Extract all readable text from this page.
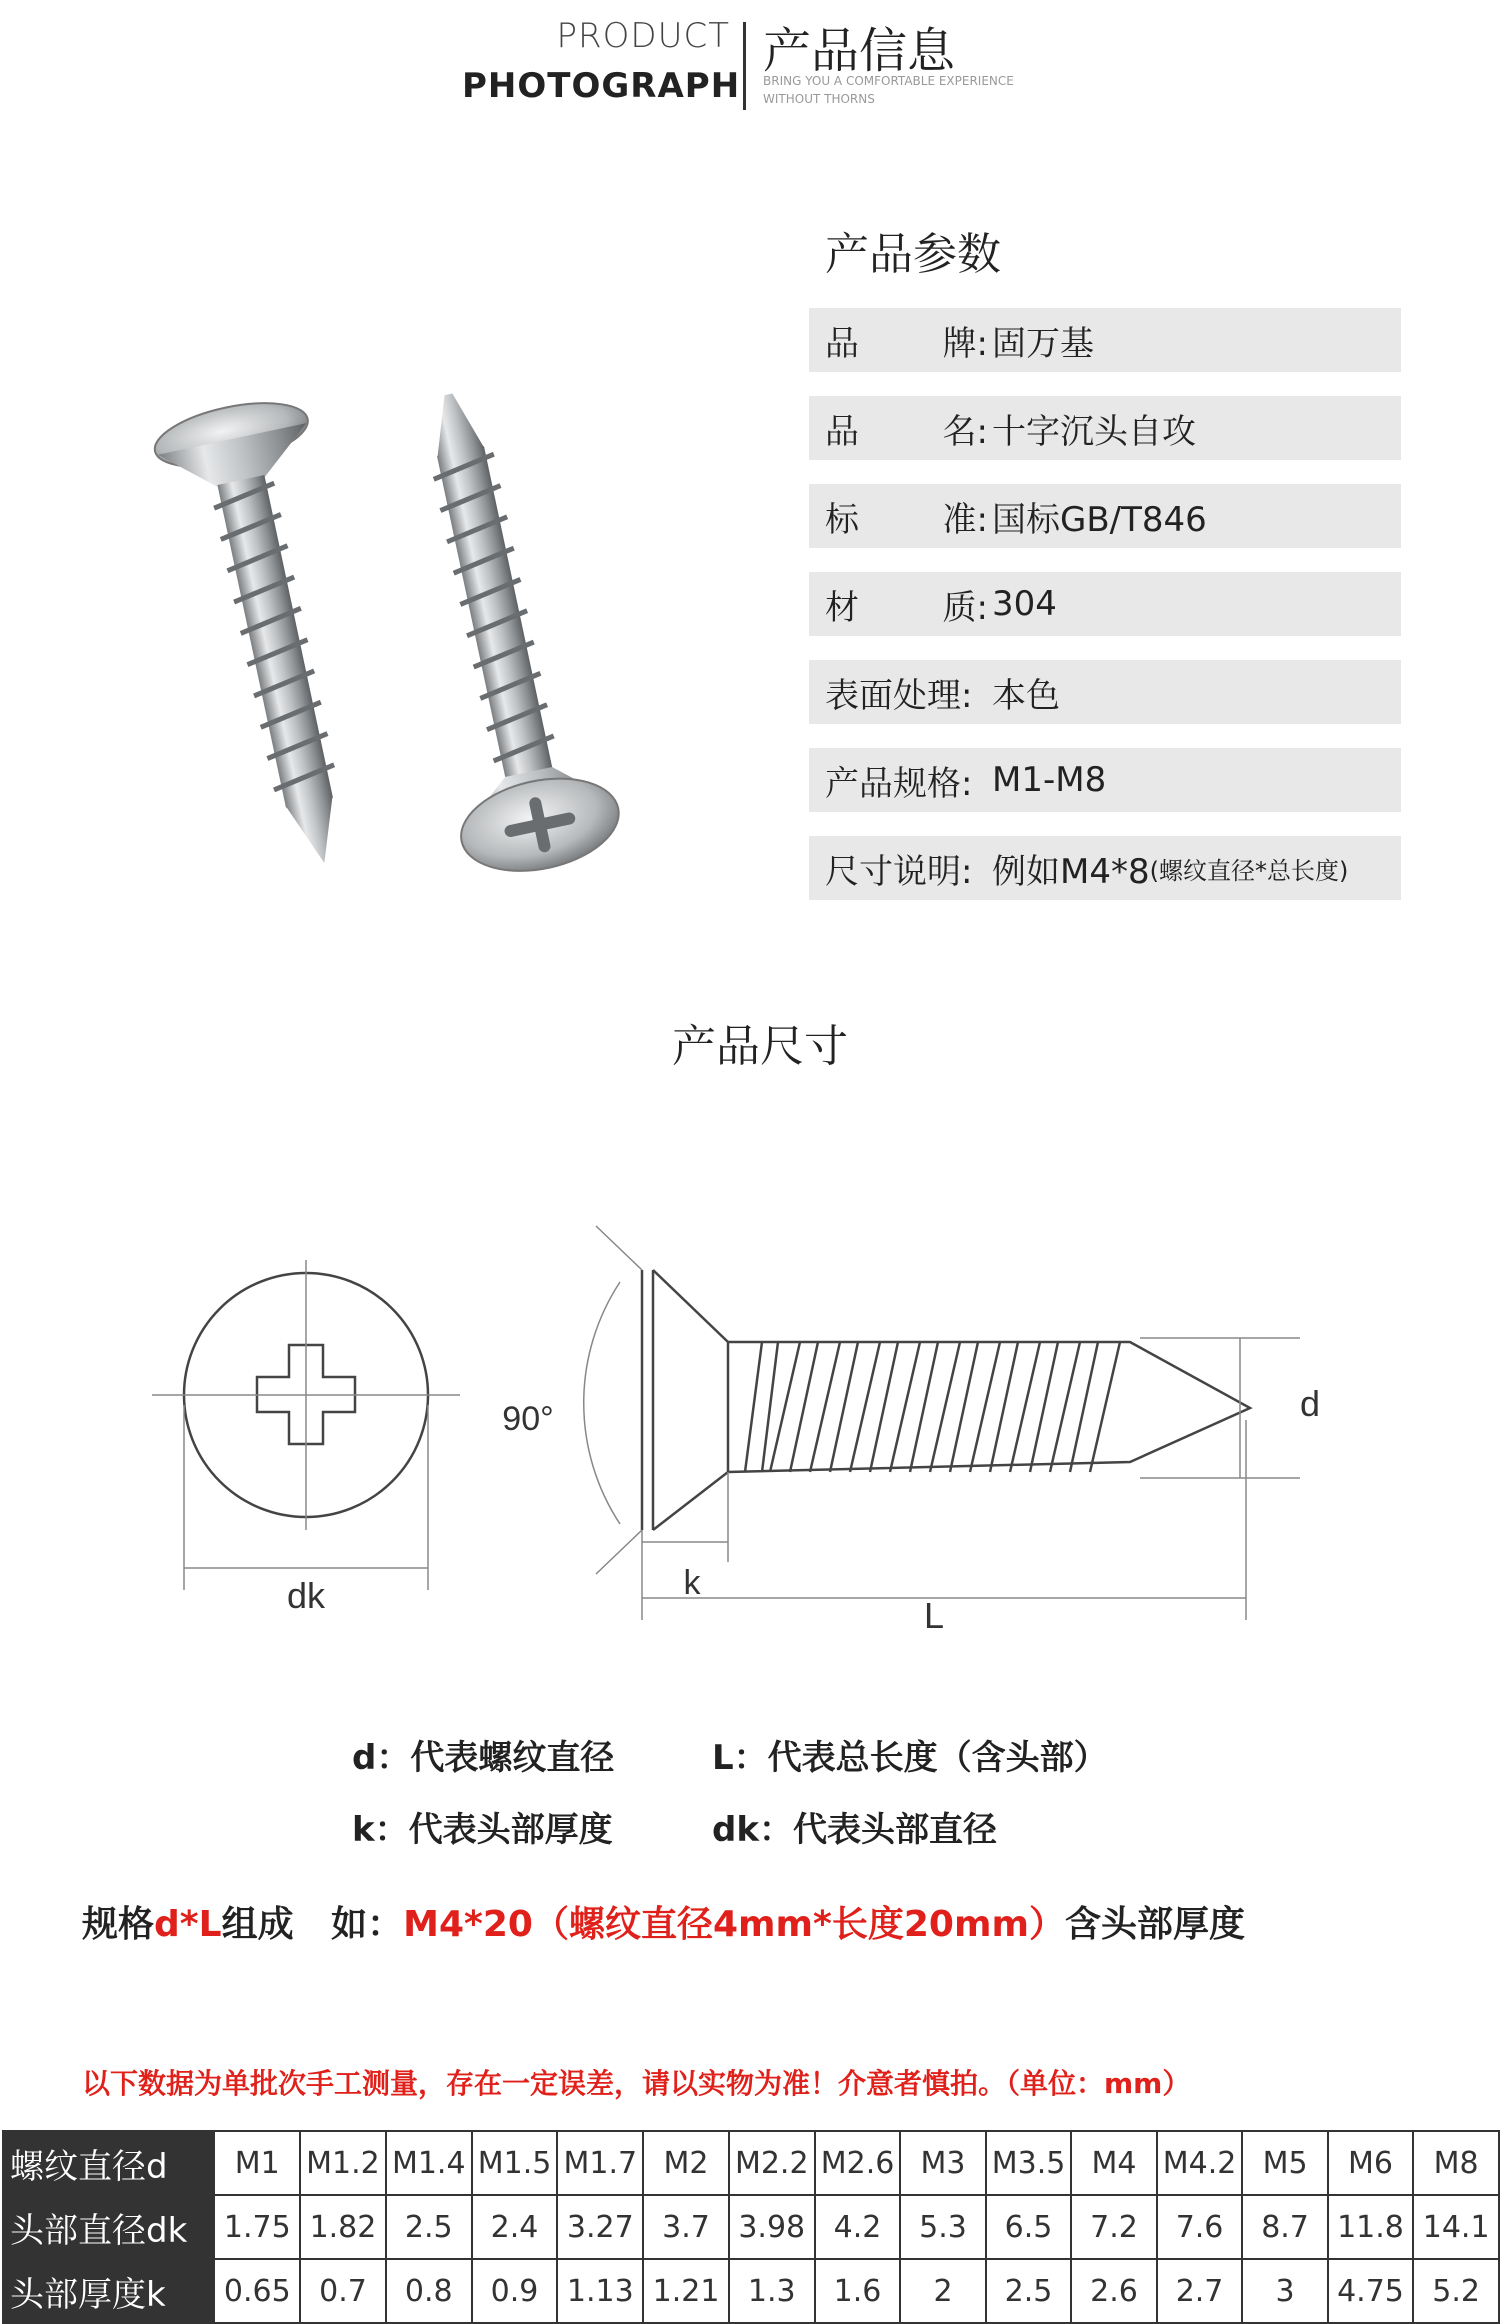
PRODUCT
PHOTOGRAPH
产品信息
BRING YOU A COMFORTABLE EXPERIENCE
WITHOUT THORNS
产品参数
品 牌: 固万基
品 名: 十字沉头自攻
标 准: 国标GB/T846
材 质: 304
表面处理: 本色
产品规格: M1-M8
尺寸说明: 例如M4*8 (螺纹直径*总长度)
产品尺寸
dk
90°	d
k
L
d：代表螺纹直径	L：代表总长度（含头部）
k：代表头部厚度	dk：代表头部直径
规格d*L组成   如：M4*20（螺纹直径4mm*长度20mm）含头部厚度
以下数据为单批次手工测量，存在一定误差，请以实物为准！介意者慎拍。（单位：mm）
螺纹直径d	M1	M1.2	M1.4	M1.5	M1.7	M2	M2.2	M2.6	M3	M3.5	M4	M4.2	M5	M6	M8
头部直径dk	1.75	1.82	2.5	2.4	3.27	3.7	3.98	4.2	5.3	6.5	7.2	7.6	8.7	11.8	14.1
头部厚度k	0.65	0.7	0.8	0.9	1.13	1.21	1.3	1.6	2	2.5	2.6	2.7	3	4.75	5.2
